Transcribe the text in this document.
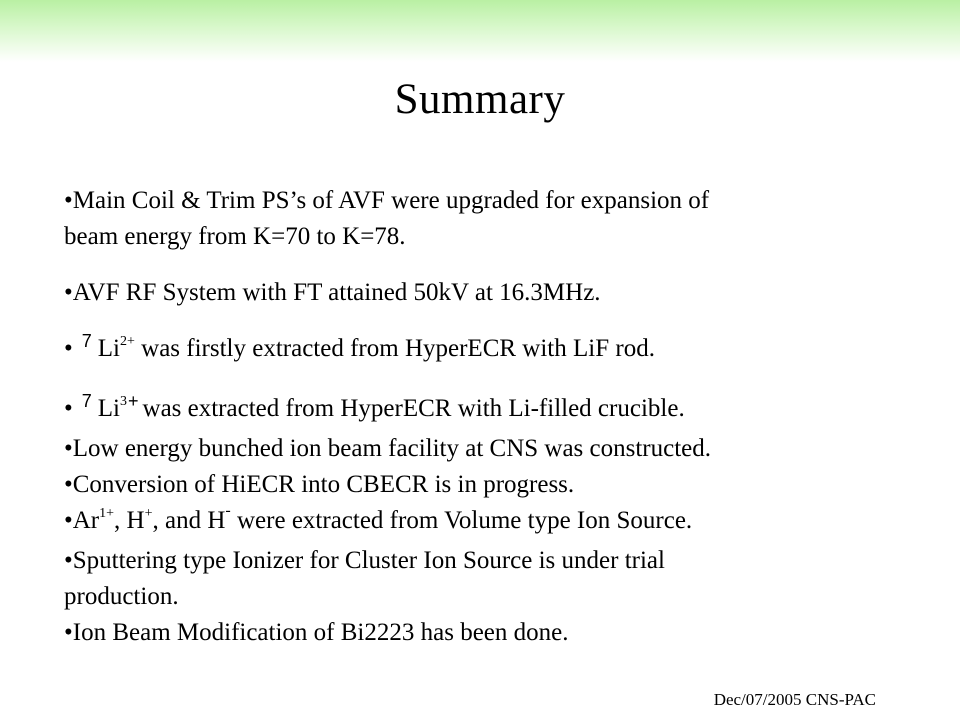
Summary
•Main Coil & Trim PS’s of AVF were upgraded for expansion of
beam energy from K=70 to K=78.
•AVF RF System with FT attained 50kV at 16.3MHz.
• $^7$ $Li^{2+}$ was firstly extracted from HyperECR with LiF rod.
• $^7$ $Li^{3+}$ was extracted from HyperECR with Li-filled crucible.
•Low energy bunched ion beam facility at CNS was constructed.
•Conversion of HiECR into CBECR is in progress.
$•Ar^{1+}$, H+, and H- were extracted from Volume type Ion Source.
•Sputtering type Ionizer for Cluster Ion Source is under trial
production.
•Ion Beam Modification of Bi2223 has been done.
Dec/07/2005 CNS-PAC
